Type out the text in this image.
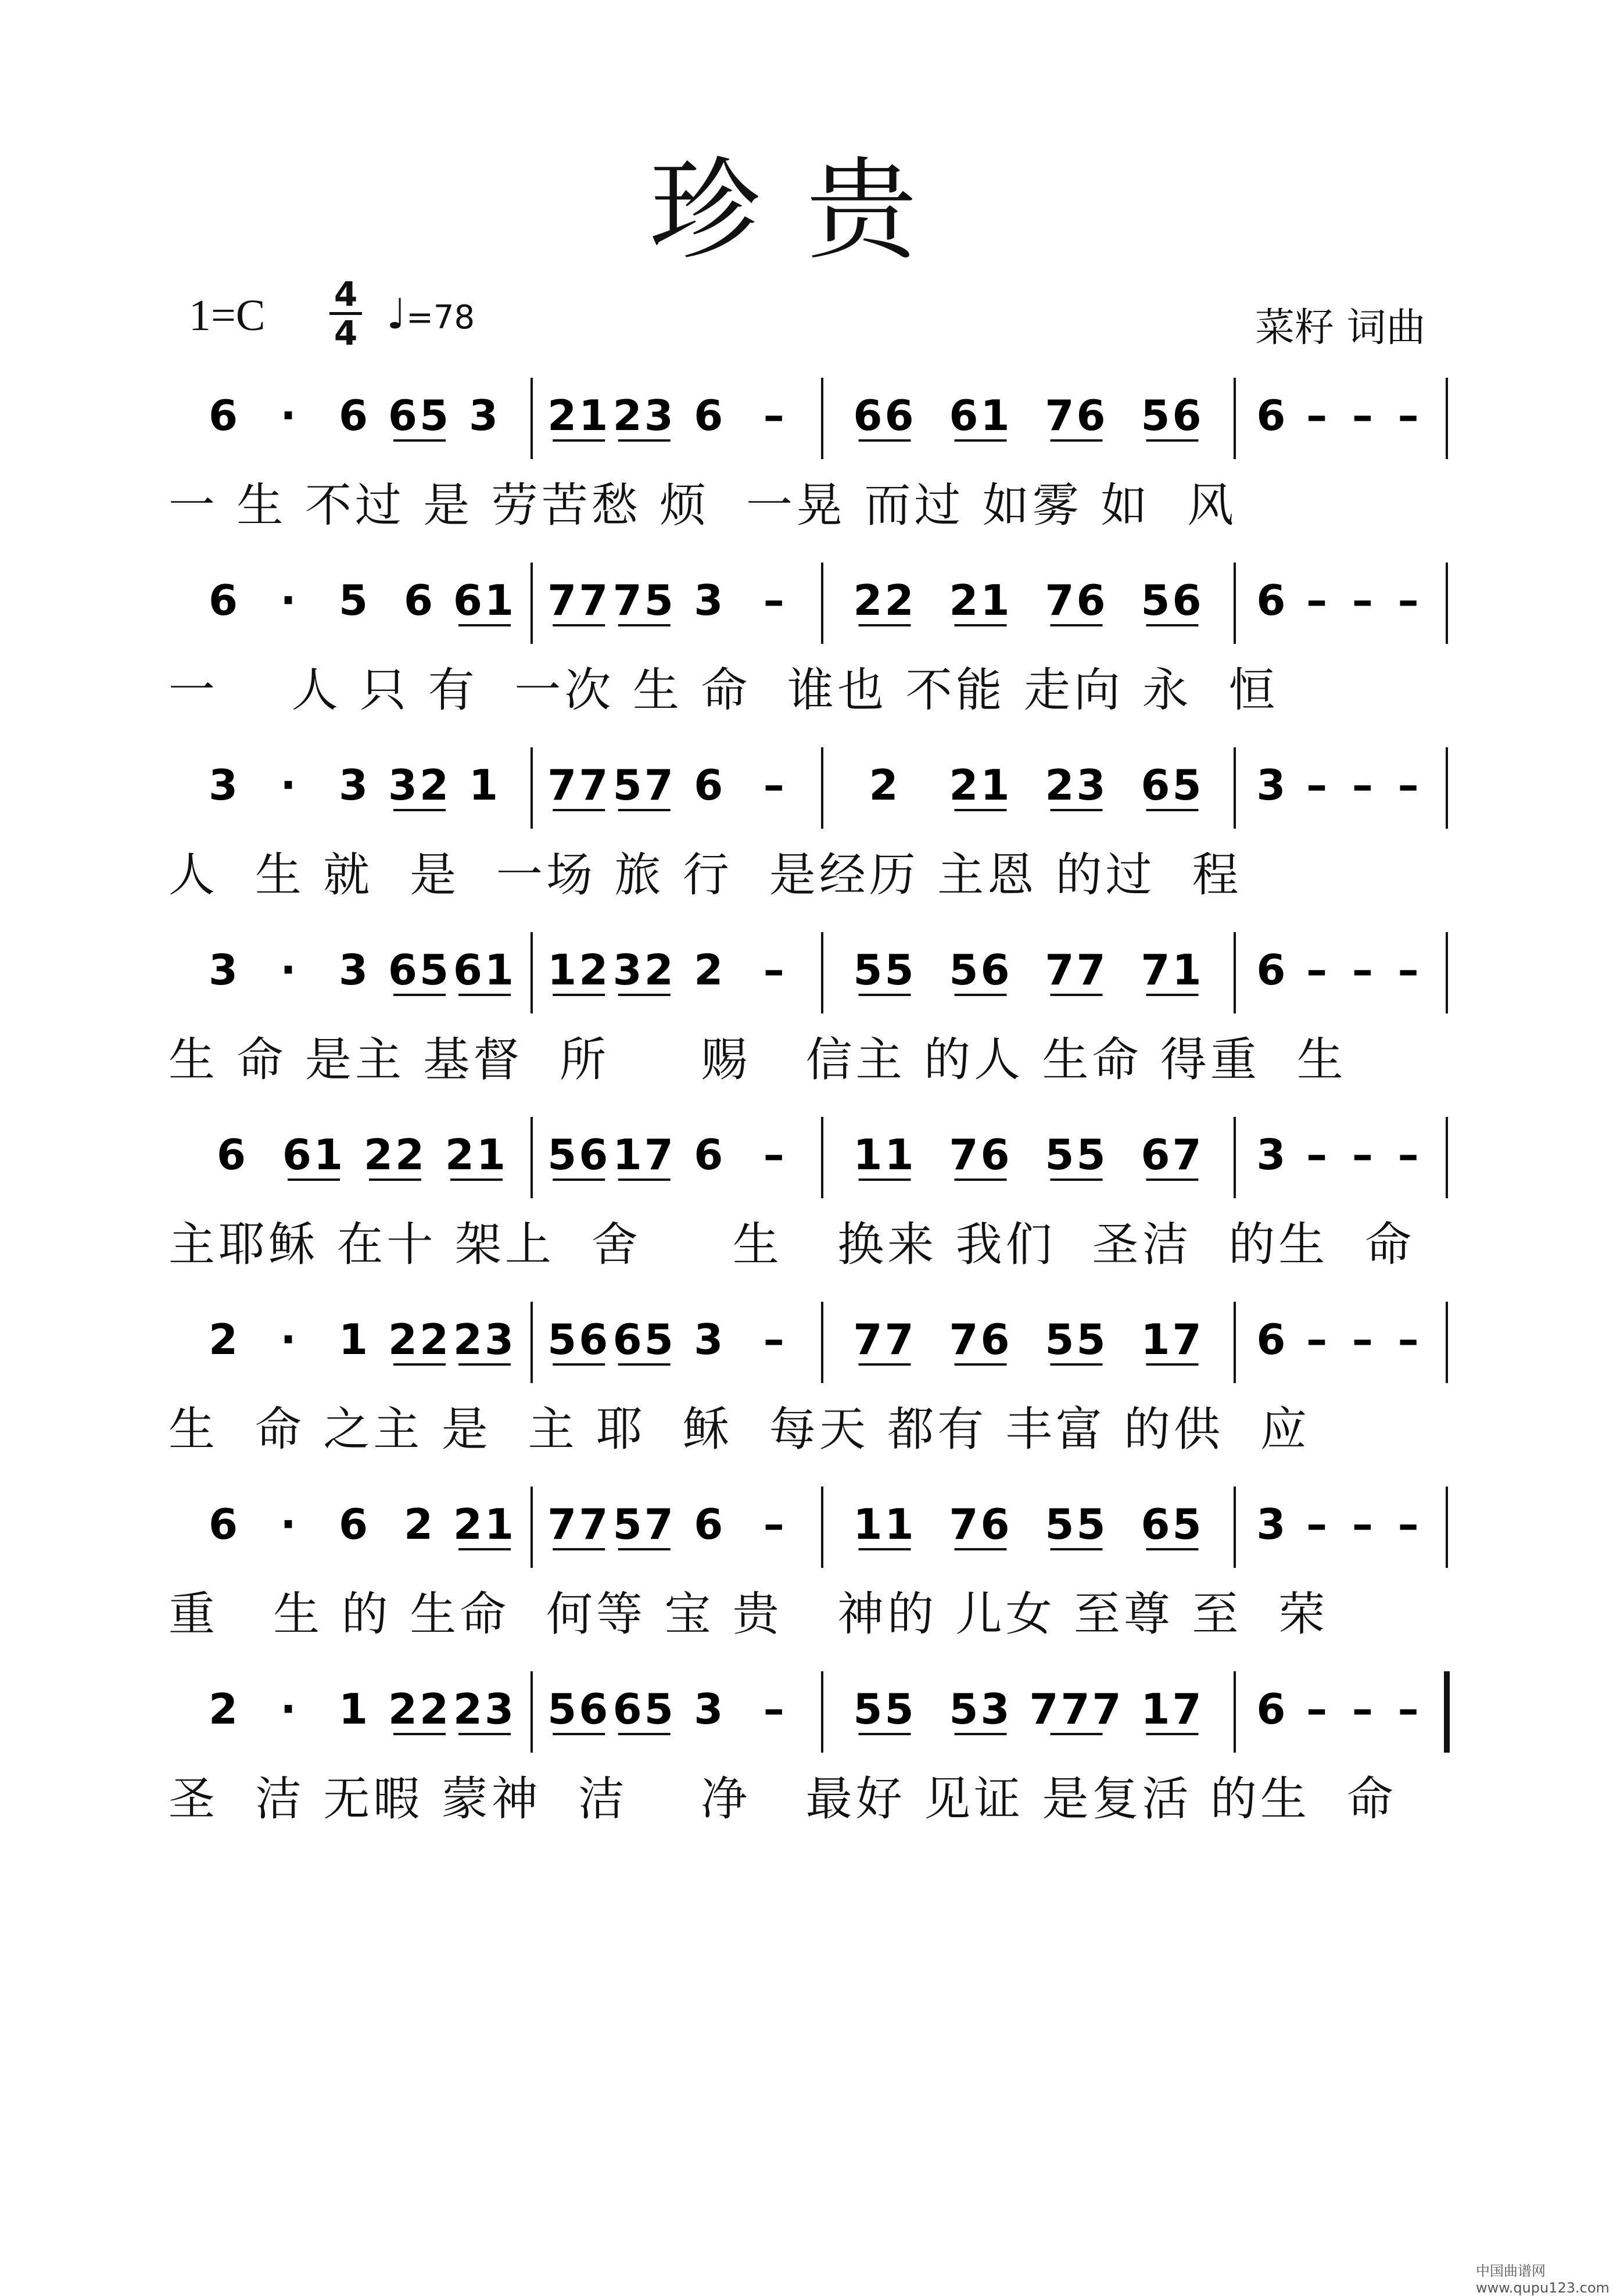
珍贵
1=C 4
4 ♩=78	菜籽 词曲
6 · 6 65 3 21 23 6 – 66 61 76 56 6 – – –
一 生 不过 是 劳苦愁 烦  一晃 而过 如雾 如  风
6 · 5 6 61 77 75 3 – 22 21 76 56 6 – – –
一    人 只 有  一次 生 命  谁也 不能 走向 永  恒
3 · 3 32 1 77 57 6 – 2 21 23 65 3 – – –
人  生 就  是  一场 旅 行  是经历 主恩 的过  程
3 · 3 65 61 12 32 2 – 55 56 77 71 6 – – –
生 命 是主 基督  所     赐   信主 的人 生命 得重  生
6 61 22 21 56 17 6 – 11 76 55 67 3 – – –
主耶稣 在十 架上  舍     生   换来 我们  圣洁  的生  命
2 · 1 22 23 56 65 3 – 77 76 55 17 6 – – –
生  命 之主 是  主 耶  稣  每天 都有 丰富 的供  应
6 · 6 2 21 77 57 6 – 11 76 55 65 3 – – –
重   生 的 生命  何等 宝 贵   神的 儿女 至尊 至  荣
2 · 1 22 23 56 65 3 – 55 53 777 17 6 – – –
圣  洁 无暇 蒙神  洁    净   最好 见证 是复活 的生  命
中国曲谱网 www.qupu123.com
